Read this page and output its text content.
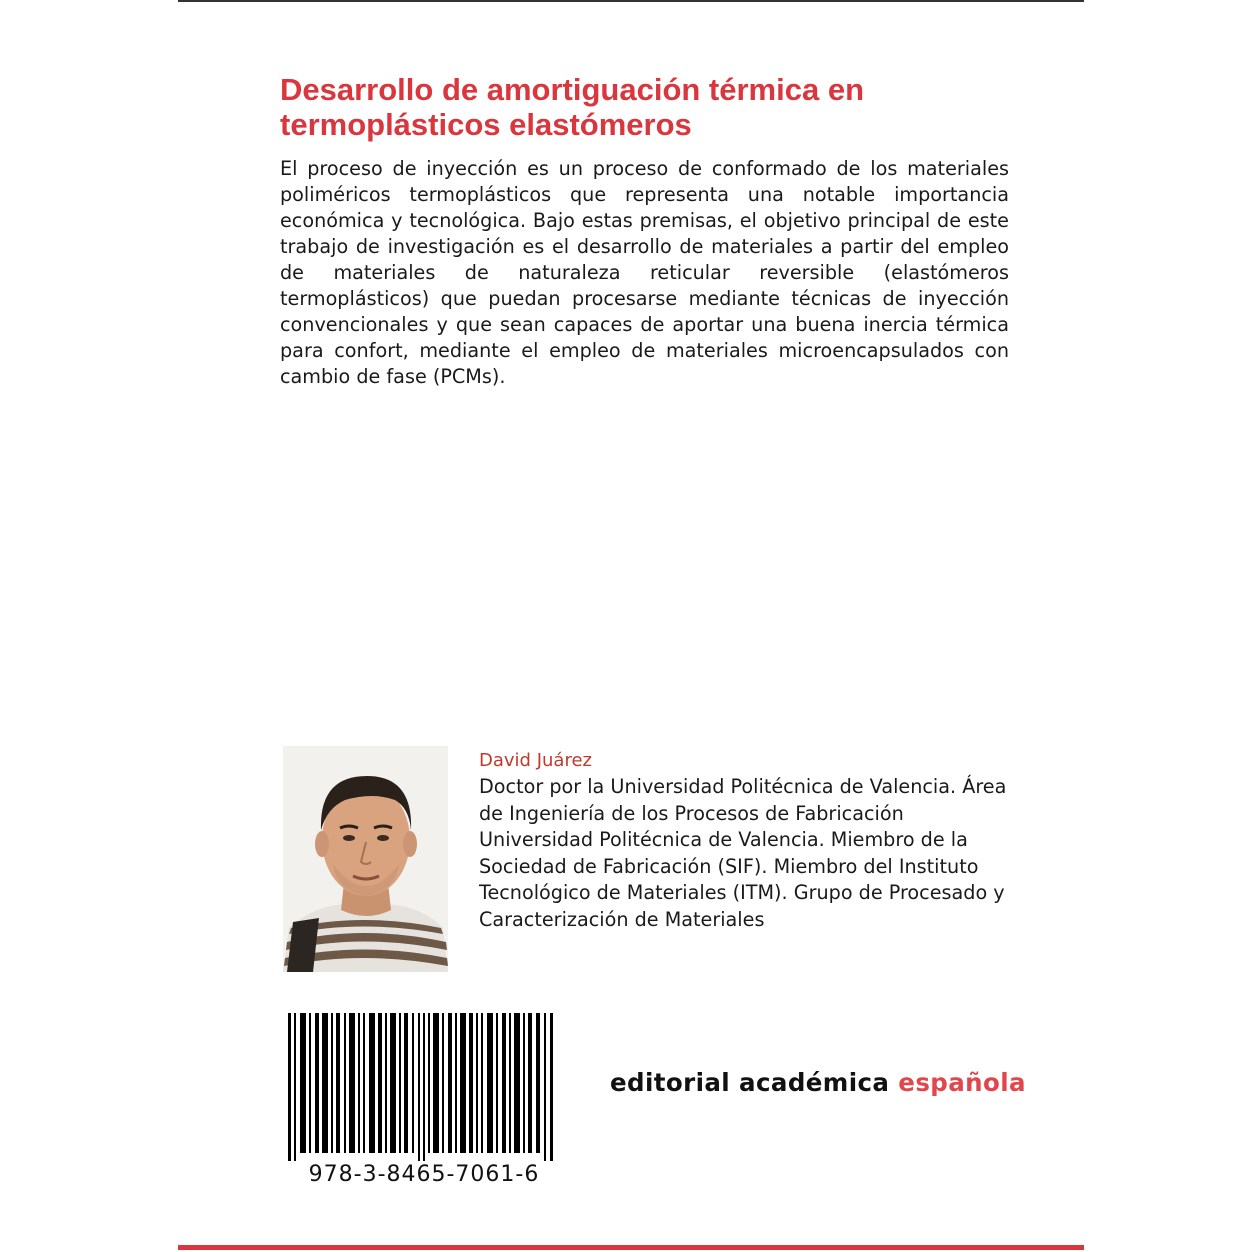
Desarrollo de amortiguación térmica en termoplásticos elastómeros

El proceso de inyección es un proceso de conformado de los materiales poliméricos termoplásticos que representa una notable importancia económica y tecnológica. Bajo estas premisas, el objetivo principal de este trabajo de investigación es el desarrollo de materiales a partir del empleo de materiales de naturaleza reticular reversible (elastómeros termoplásticos) que puedan procesarse mediante técnicas de inyección convencionales y que sean capaces de aportar una buena inercia térmica para confort, mediante el empleo de materiales microencapsulados con cambio de fase (PCMs).

David Juárez

Doctor por la Universidad Politécnica de Valencia. Área de Ingeniería de los Procesos de Fabricación Universidad Politécnica de Valencia. Miembro de la Sociedad de Fabricación (SIF). Miembro del Instituto Tecnológico de Materiales (ITM). Grupo de Procesado y Caracterización de Materiales

978-3-8465-7061-6
editorial académica española
